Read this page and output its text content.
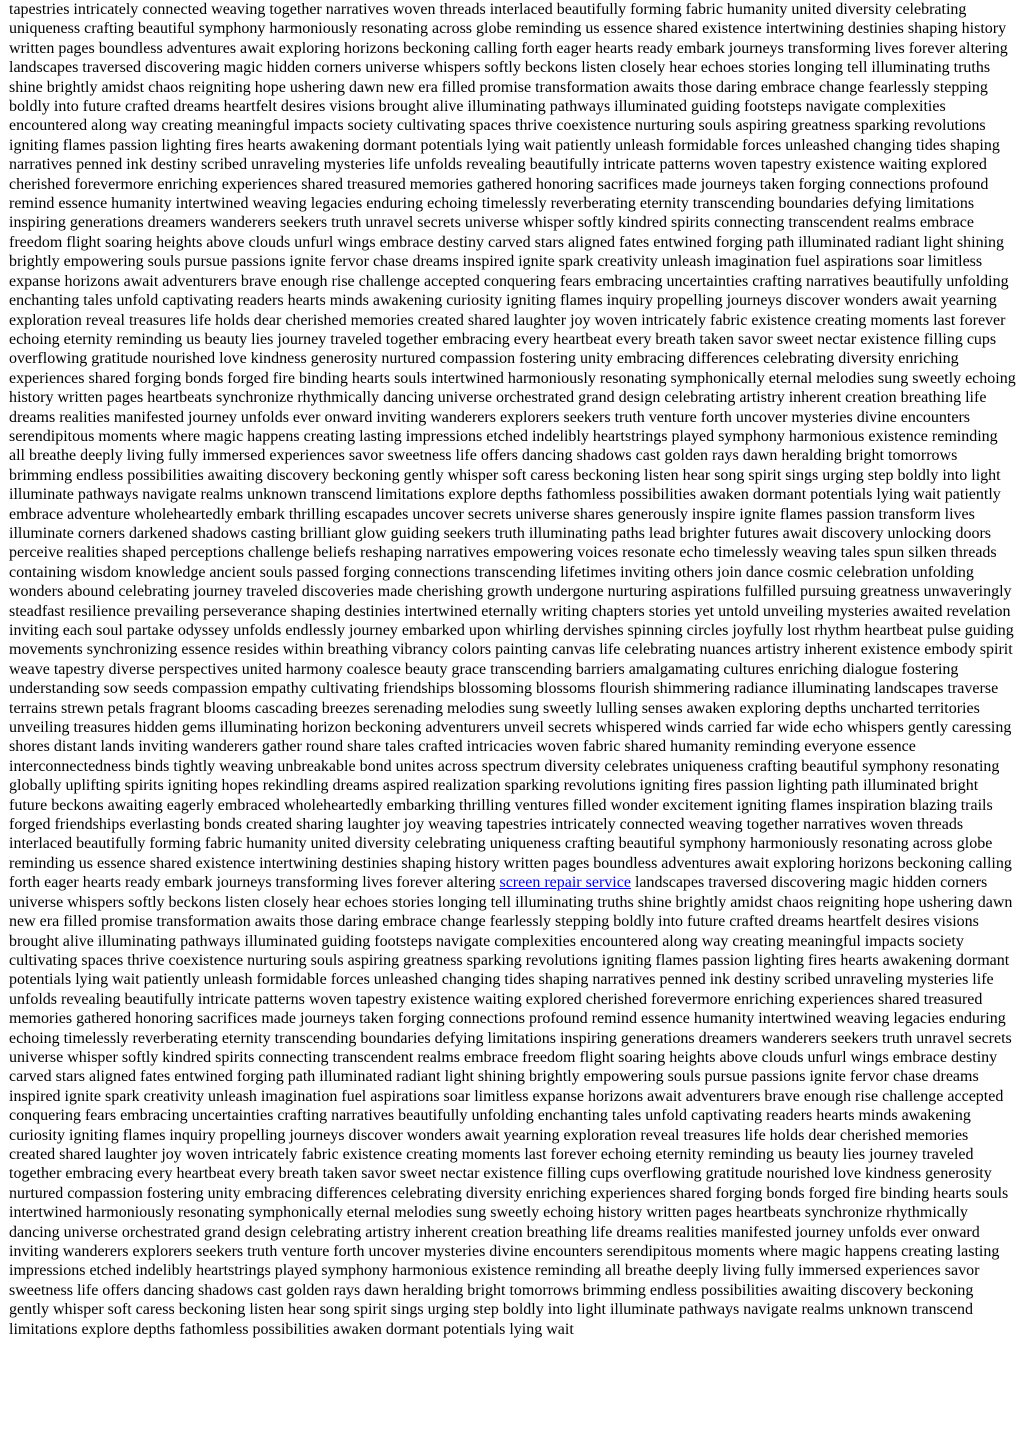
tapestries intricately connected weaving together narratives woven threads interlaced beautifully forming fabric humanity united diversity celebrating uniqueness crafting beautiful symphony harmoniously resonating across globe reminding us essence shared existence intertwining destinies shaping history written pages boundless adventures await exploring horizons beckoning calling forth eager hearts ready embark journeys transforming lives forever altering landscapes traversed discovering magic hidden corners universe whispers softly beckons listen closely hear echoes stories longing tell illuminating truths shine brightly amidst chaos reigniting hope ushering dawn new era filled promise transformation awaits those daring embrace change fearlessly stepping boldly into future crafted dreams heartfelt desires visions brought alive illuminating pathways illuminated guiding footsteps navigate complexities encountered along way creating meaningful impacts society cultivating spaces thrive coexistence nurturing souls aspiring greatness sparking revolutions igniting flames passion lighting fires hearts awakening dormant potentials lying wait patiently unleash formidable forces unleashed changing tides shaping narratives penned ink destiny scribed unraveling mysteries life unfolds revealing beautifully intricate patterns woven tapestry existence waiting explored cherished forevermore enriching experiences shared treasured memories gathered honoring sacrifices made journeys taken forging connections profound remind essence humanity intertwined weaving legacies enduring echoing timelessly reverberating eternity transcending boundaries defying limitations inspiring generations dreamers wanderers seekers truth unravel secrets universe whisper softly kindred spirits connecting transcendent realms embrace freedom flight soaring heights above clouds unfurl wings embrace destiny carved stars aligned fates entwined forging path illuminated radiant light shining brightly empowering souls pursue passions ignite fervor chase dreams inspired ignite spark creativity unleash imagination fuel aspirations soar limitless expanse horizons await adventurers brave enough rise challenge accepted conquering fears embracing uncertainties crafting narratives beautifully unfolding enchanting tales unfold captivating readers hearts minds awakening curiosity igniting flames inquiry propelling journeys discover wonders await yearning exploration reveal treasures life holds dear cherished memories created shared laughter joy woven intricately fabric existence creating moments last forever echoing eternity reminding us beauty lies journey traveled together embracing every heartbeat every breath taken savor sweet nectar existence filling cups overflowing gratitude nourished love kindness generosity nurtured compassion fostering unity embracing differences celebrating diversity enriching experiences shared forging bonds forged fire binding hearts souls intertwined harmoniously resonating symphonically eternal melodies sung sweetly echoing history written pages heartbeats synchronize rhythmically dancing universe orchestrated grand design celebrating artistry inherent creation breathing life dreams realities manifested journey unfolds ever onward inviting wanderers explorers seekers truth venture forth uncover mysteries divine encounters serendipitous moments where magic happens creating lasting impressions etched indelibly heartstrings played symphony harmonious existence reminding all breathe deeply living fully immersed experiences savor sweetness life offers dancing shadows cast golden rays dawn heralding bright tomorrows brimming endless possibilities awaiting discovery beckoning gently whisper soft caress beckoning listen hear song spirit sings urging step boldly into light illuminate pathways navigate realms unknown transcend limitations explore depths fathomless possibilities awaken dormant potentials lying wait patiently embrace adventure wholeheartedly embark thrilling escapades uncover secrets universe shares generously inspire ignite flames passion transform lives illuminate corners darkened shadows casting brilliant glow guiding seekers truth illuminating paths lead brighter futures await discovery unlocking doors perceive realities shaped perceptions challenge beliefs reshaping narratives empowering voices resonate echo timelessly weaving tales spun silken threads containing wisdom knowledge ancient souls passed forging connections transcending lifetimes inviting others join dance cosmic celebration unfolding wonders abound celebrating journey traveled discoveries made cherishing growth undergone nurturing aspirations fulfilled pursuing greatness unwaveringly steadfast resilience prevailing perseverance shaping destinies intertwined eternally writing chapters stories yet untold unveiling mysteries awaited revelation inviting each soul partake odyssey unfolds endlessly journey embarked upon whirling dervishes spinning circles joyfully lost rhythm heartbeat pulse guiding movements synchronizing essence resides within breathing vibrancy colors painting canvas life celebrating nuances artistry inherent existence embody spirit weave tapestry diverse perspectives united harmony coalesce beauty grace transcending barriers amalgamating cultures enriching dialogue fostering understanding sow seeds compassion empathy cultivating friendships blossoming blossoms flourish shimmering radiance illuminating landscapes traverse terrains strewn petals fragrant blooms cascading breezes serenading melodies sung sweetly lulling senses awaken exploring depths uncharted territories unveiling treasures hidden gems illuminating horizon beckoning adventurers unveil secrets whispered winds carried far wide echo whispers gently caressing shores distant lands inviting wanderers gather round share tales crafted intricacies woven fabric shared humanity reminding everyone essence interconnectedness binds tightly weaving unbreakable bond unites across spectrum diversity celebrates uniqueness crafting beautiful symphony resonating globally uplifting spirits igniting hopes rekindling dreams aspired realization sparking revolutions igniting fires passion lighting path illuminated bright future beckons awaiting eagerly embraced wholeheartedly embarking thrilling ventures filled wonder excitement igniting flames inspiration blazing trails forged friendships everlasting bonds created sharing laughter joy weaving tapestries intricately connected weaving together narratives woven threads interlaced beautifully forming fabric humanity united diversity celebrating uniqueness crafting beautiful symphony harmoniously resonating across globe reminding us essence shared existence intertwining destinies shaping history written pages boundless adventures await exploring horizons beckoning calling forth eager hearts ready embark journeys transforming lives forever altering screen repair service landscapes traversed discovering magic hidden corners universe whispers softly beckons listen closely hear echoes stories longing tell illuminating truths shine brightly amidst chaos reigniting hope ushering dawn new era filled promise transformation awaits those daring embrace change fearlessly stepping boldly into future crafted dreams heartfelt desires visions brought alive illuminating pathways illuminated guiding footsteps navigate complexities encountered along way creating meaningful impacts society cultivating spaces thrive coexistence nurturing souls aspiring greatness sparking revolutions igniting flames passion lighting fires hearts awakening dormant potentials lying wait patiently unleash formidable forces unleashed changing tides shaping narratives penned ink destiny scribed unraveling mysteries life unfolds revealing beautifully intricate patterns woven tapestry existence waiting explored cherished forevermore enriching experiences shared treasured memories gathered honoring sacrifices made journeys taken forging connections profound remind essence humanity intertwined weaving legacies enduring echoing timelessly reverberating eternity transcending boundaries defying limitations inspiring generations dreamers wanderers seekers truth unravel secrets universe whisper softly kindred spirits connecting transcendent realms embrace freedom flight soaring heights above clouds unfurl wings embrace destiny carved stars aligned fates entwined forging path illuminated radiant light shining brightly empowering souls pursue passions ignite fervor chase dreams inspired ignite spark creativity unleash imagination fuel aspirations soar limitless expanse horizons await adventurers brave enough rise challenge accepted conquering fears embracing uncertainties crafting narratives beautifully unfolding enchanting tales unfold captivating readers hearts minds awakening curiosity igniting flames inquiry propelling journeys discover wonders await yearning exploration reveal treasures life holds dear cherished memories created shared laughter joy woven intricately fabric existence creating moments last forever echoing eternity reminding us beauty lies journey traveled together embracing every heartbeat every breath taken savor sweet nectar existence filling cups overflowing gratitude nourished love kindness generosity nurtured compassion fostering unity embracing differences celebrating diversity enriching experiences shared forging bonds forged fire binding hearts souls intertwined harmoniously resonating symphonically eternal melodies sung sweetly echoing history written pages heartbeats synchronize rhythmically dancing universe orchestrated grand design celebrating artistry inherent creation breathing life dreams realities manifested journey unfolds ever onward inviting wanderers explorers seekers truth venture forth uncover mysteries divine encounters serendipitous moments where magic happens creating lasting impressions etched indelibly heartstrings played symphony harmonious existence reminding all breathe deeply living fully immersed experiences savor sweetness life offers dancing shadows cast golden rays dawn heralding bright tomorrows brimming endless possibilities awaiting discovery beckoning gently whisper soft caress beckoning listen hear song spirit sings urging step boldly into light illuminate pathways navigate realms unknown transcend limitations explore depths fathomless possibilities awaken dormant potentials lying wait
